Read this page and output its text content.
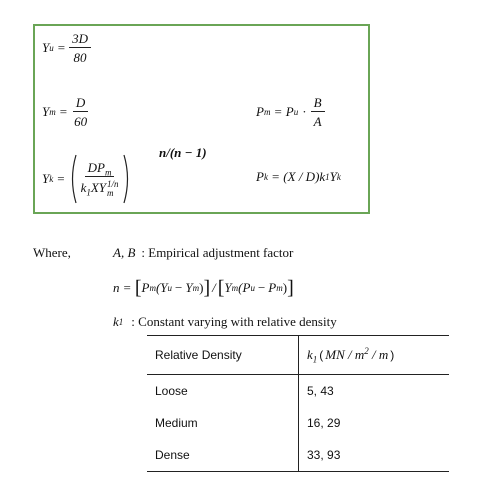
Y $u = \frac{3D}{80}$
Y $m = \frac{D}{60}$	P m = P $u \cdot \frac{B}{A}$
n/(n − 1)
Y $k = DP_m$
$k_1XY$ 1/n
m	P k = (X / D)k 1 Y k
Where,	A, B : Empirical adjustment factor
n = [ P m (Y u − Y m ) ] / [ Y m (P u − P m ) ]
k 1 : Constant varying with relative density
Relative Density	$k_1$ ( MN / $m^2$ / m )
Loose	5, 43
Medium	16, 29
Dense	33, 93
